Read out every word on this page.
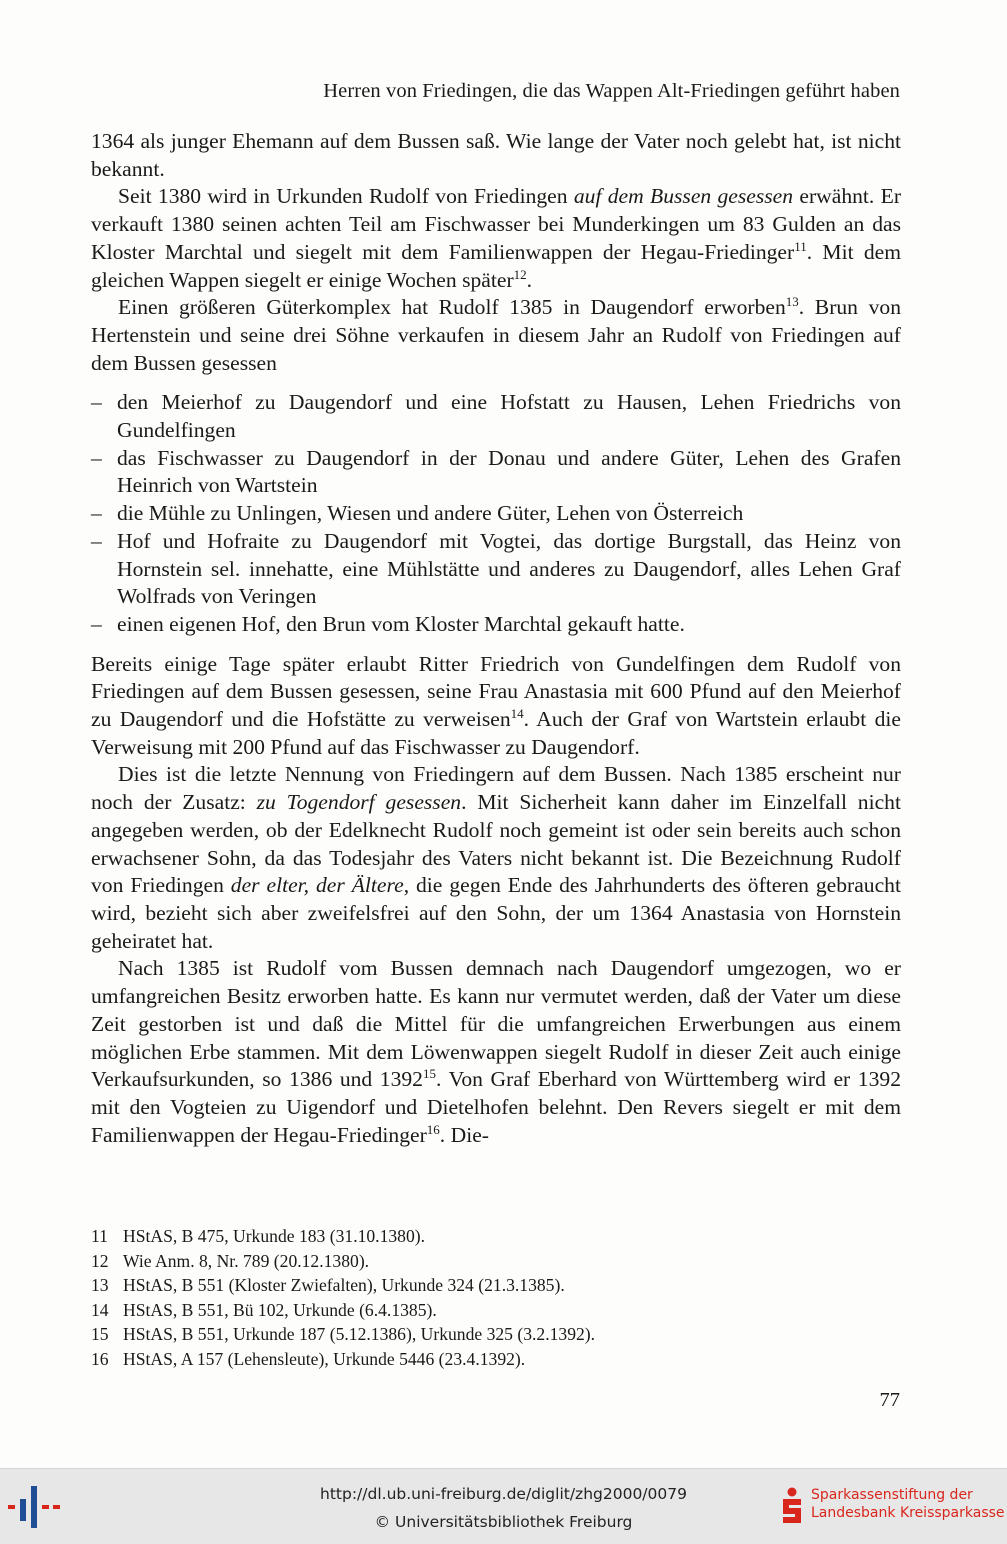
Herren von Friedingen, die das Wappen Alt-Friedingen geführt haben

1364 als junger Ehemann auf dem Bussen saß. Wie lange der Vater noch gelebt hat, ist nicht bekannt.

Seit 1380 wird in Urkunden Rudolf von Friedingen auf dem Bussen gesessen erwähnt. Er verkauft 1380 seinen achten Teil am Fischwasser bei Munderkingen um 83 Gulden an das Kloster Marchtal und siegelt mit dem Familienwappen der Hegau-Friedinger$^{11}$. Mit dem gleichen Wappen siegelt er einige Wochen später$^{12}$.

Einen größeren Güterkomplex hat Rudolf 1385 in Daugendorf erworben$^{13}$. Brun von Hertenstein und seine drei Söhne verkaufen in diesem Jahr an Rudolf von Friedingen auf dem Bussen gesessen

– den Meierhof zu Daugendorf und eine Hofstatt zu Hausen, Lehen Friedrichs von Gundelfingen
– das Fischwasser zu Daugendorf in der Donau und andere Güter, Lehen des Grafen Heinrich von Wartstein
– die Mühle zu Unlingen, Wiesen und andere Güter, Lehen von Österreich
– Hof und Hofraite zu Daugendorf mit Vogtei, das dortige Burgstall, das Heinz von Hornstein sel. innehatte, eine Mühlstätte und anderes zu Daugendorf, alles Lehen Graf Wolfrads von Veringen
– einen eigenen Hof, den Brun vom Kloster Marchtal gekauft hatte.

Bereits einige Tage später erlaubt Ritter Friedrich von Gundelfingen dem Rudolf von Friedingen auf dem Bussen gesessen, seine Frau Anastasia mit 600 Pfund auf den Meierhof zu Daugendorf und die Hofstätte zu verweisen$^{14}$. Auch der Graf von Wartstein erlaubt die Verweisung mit 200 Pfund auf das Fischwasser zu Daugendorf.

Dies ist die letzte Nennung von Friedingern auf dem Bussen. Nach 1385 erscheint nur noch der Zusatz: zu Togendorf gesessen. Mit Sicherheit kann daher im Einzelfall nicht angegeben werden, ob der Edelknecht Rudolf noch gemeint ist oder sein bereits auch schon erwachsener Sohn, da das Todesjahr des Vaters nicht bekannt ist. Die Bezeichnung Rudolf von Friedingen der elter, der Ältere, die gegen Ende des Jahrhunderts des öfteren gebraucht wird, bezieht sich aber zweifelsfrei auf den Sohn, der um 1364 Anastasia von Hornstein geheiratet hat.

Nach 1385 ist Rudolf vom Bussen demnach nach Daugendorf umgezogen, wo er umfangreichen Besitz erworben hatte. Es kann nur vermutet werden, daß der Vater um diese Zeit gestorben ist und daß die Mittel für die umfangreichen Erwerbungen aus einem möglichen Erbe stammen. Mit dem Löwenwappen siegelt Rudolf in dieser Zeit auch einige Verkaufsurkunden, so 1386 und 1392$^{15}$. Von Graf Eberhard von Württemberg wird er 1392 mit den Vogteien zu Uigendorf und Dietelhofen belehnt. Den Revers siegelt er mit dem Familienwappen der Hegau-Friedinger$^{16}$. Die-

11 HStAS, B 475, Urkunde 183 (31.10.1380).
12 Wie Anm. 8, Nr. 789 (20.12.1380).
13 HStAS, B 551 (Kloster Zwiefalten), Urkunde 324 (21.3.1385).
14 HStAS, B 551, Bü 102, Urkunde (6.4.1385).
15 HStAS, B 551, Urkunde 187 (5.12.1386), Urkunde 325 (3.2.1392).
16 HStAS, A 157 (Lehensleute), Urkunde 5446 (23.4.1392).
77
http://dl.ub.uni-freiburg.de/diglit/zhg2000/0079
© Universitätsbibliothek Freiburg
Sparkassenstiftung der
Landesbank Kreissparkasse
